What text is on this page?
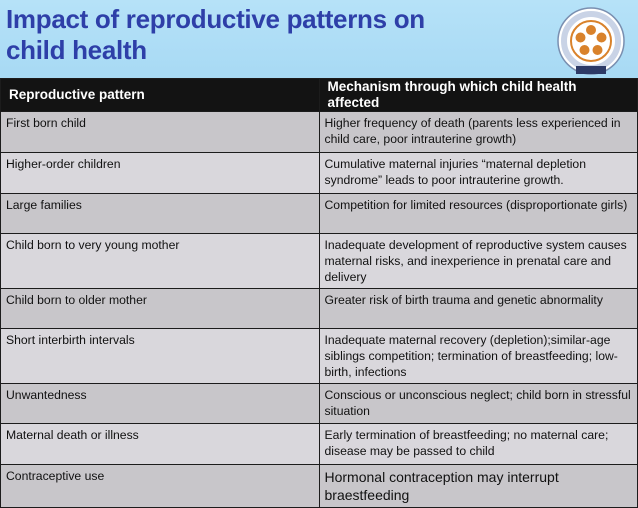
Impact of reproductive patterns on
child health
Reproductive pattern	Mechanism through which child health affected
First born child	Higher frequency of death (parents less experienced in child care, poor intrauterine growth)
Higher-order children	Cumulative maternal injuries “maternal depletion syndrome” leads to poor intrauterine growth.
Large families	Competition for limited resources (disproportionate girls)
Child born to very young mother	Inadequate development of reproductive system causes maternal risks, and inexperience in prenatal care and delivery
Child born to older mother	Greater risk of birth trauma and genetic abnormality
Short interbirth intervals	Inadequate maternal recovery (depletion);similar-age siblings competition; termination of breastfeeding; low-birth, infections
Unwantedness	Conscious or unconscious neglect; child born in stressful situation
Maternal death or illness	Early termination of breastfeeding; no maternal care; disease may be passed to child
Contraceptive use	Hormonal contraception may interrupt braestfeeding
